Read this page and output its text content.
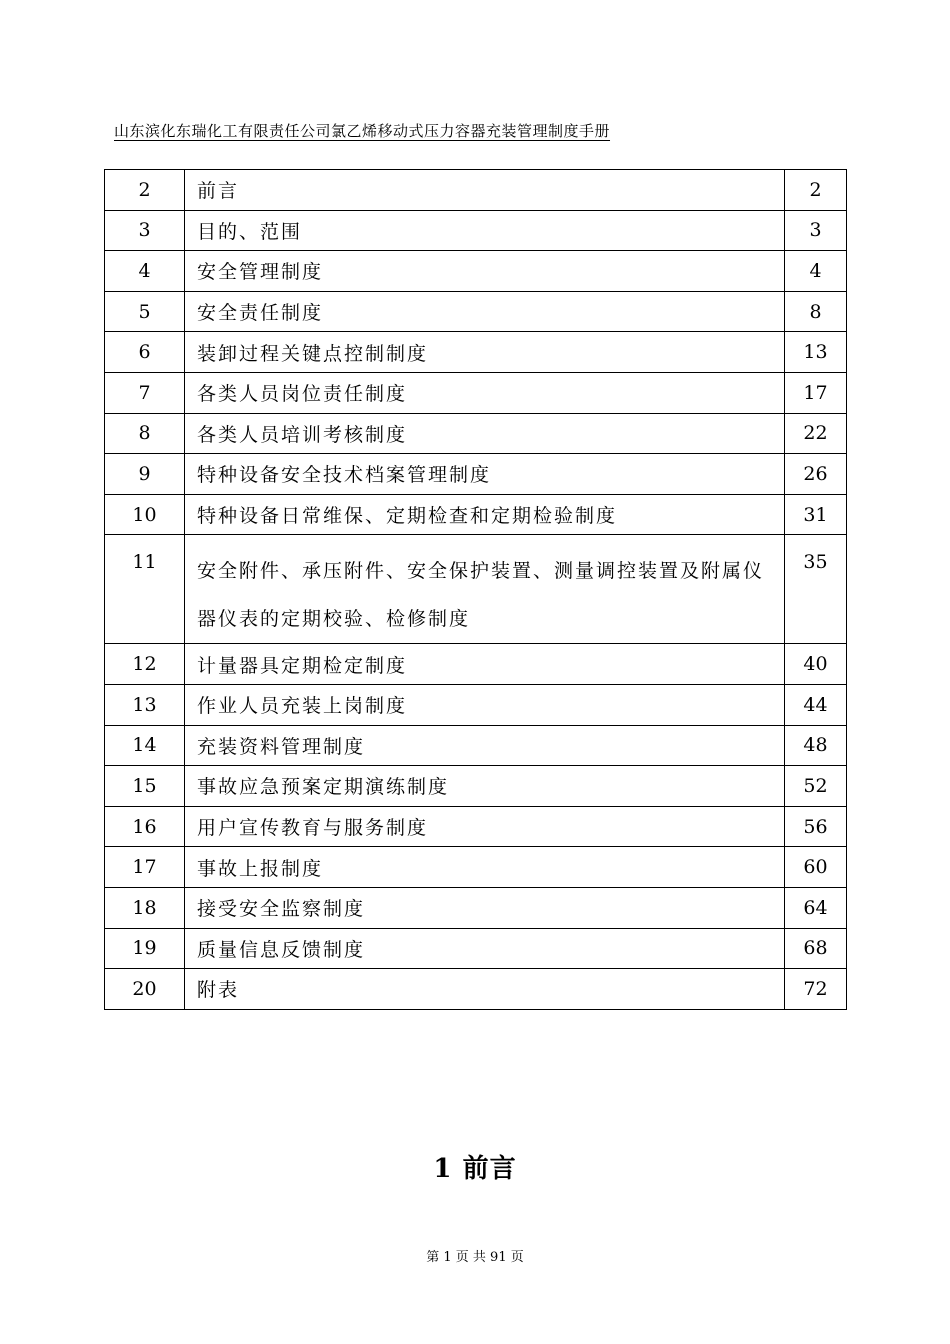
山东滨化东瑞化工有限责任公司氯乙烯移动式压力容器充装管理制度手册
2	前言	2
3	目的、范围	3
4	安全管理制度	4
5	安全责任制度	8
6	装卸过程关键点控制制度	13
7	各类人员岗位责任制度	17
8	各类人员培训考核制度	22
9	特种设备安全技术档案管理制度	26
10	特种设备日常维保、定期检查和定期检验制度	31
11	安全附件、承压附件、安全保护装置、测量调控装置及附属仪器仪表的定期校验、检修制度	35
12	计量器具定期检定制度	40
13	作业人员充装上岗制度	44
14	充装资料管理制度	48
15	事故应急预案定期演练制度	52
16	用户宣传教育与服务制度	56
17	事故上报制度	60
18	接受安全监察制度	64
19	质量信息反馈制度	68
20	附表	72
1 前言
第 1 页 共 91 页
